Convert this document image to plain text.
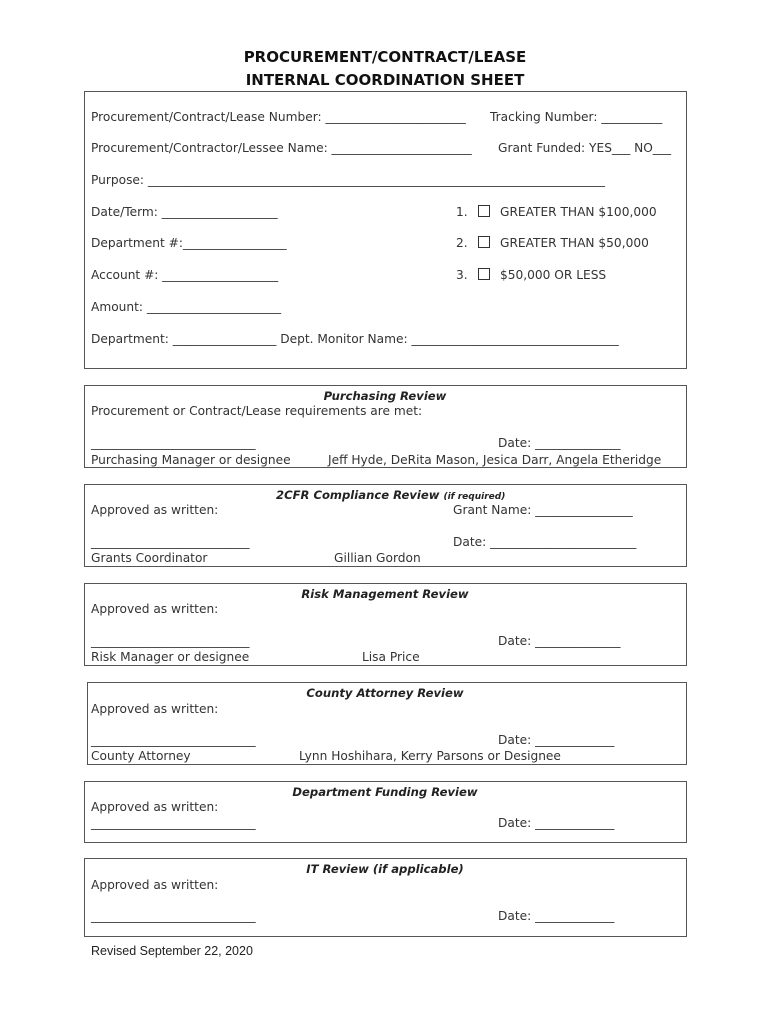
PROCUREMENT/CONTRACT/LEASE
INTERNAL COORDINATION SHEET
Procurement/Contract/Lease Number: _______________________ Tracking Number: __________
Procurement/Contractor/Lessee Name: _______________________ Grant Funded: YES___ NO___
Purpose: ___________________________________________________________________________
Date/Term: ___________________
Department #:_________________
Account #: ___________________
Amount: ______________________
Department: _________________ Dept. Monitor Name: __________________________________
1.	GREATER THAN $100,000
2.	GREATER THAN $50,000
3.	$50,000 OR LESS
Purchasing Review
Procurement or Contract/Lease requirements are met:
___________________________	Date: ______________
Purchasing Manager or designee	Jeff Hyde, DeRita Mason, Jesica Darr, Angela Etheridge
2CFR Compliance Review (if required)
Approved as written:	Grant Name: ________________
__________________________	Date: ________________________
Grants Coordinator	Gillian Gordon
Risk Management Review
Approved as written:
__________________________	Date: ______________
Risk Manager or designee	Lisa Price
County Attorney Review
Approved as written:
___________________________	Date: _____________
County Attorney	Lynn Hoshihara, Kerry Parsons or Designee
Department Funding Review
Approved as written:
___________________________	Date: _____________
IT Review (if applicable)
Approved as written:
___________________________	Date: _____________
Revised September 22, 2020
